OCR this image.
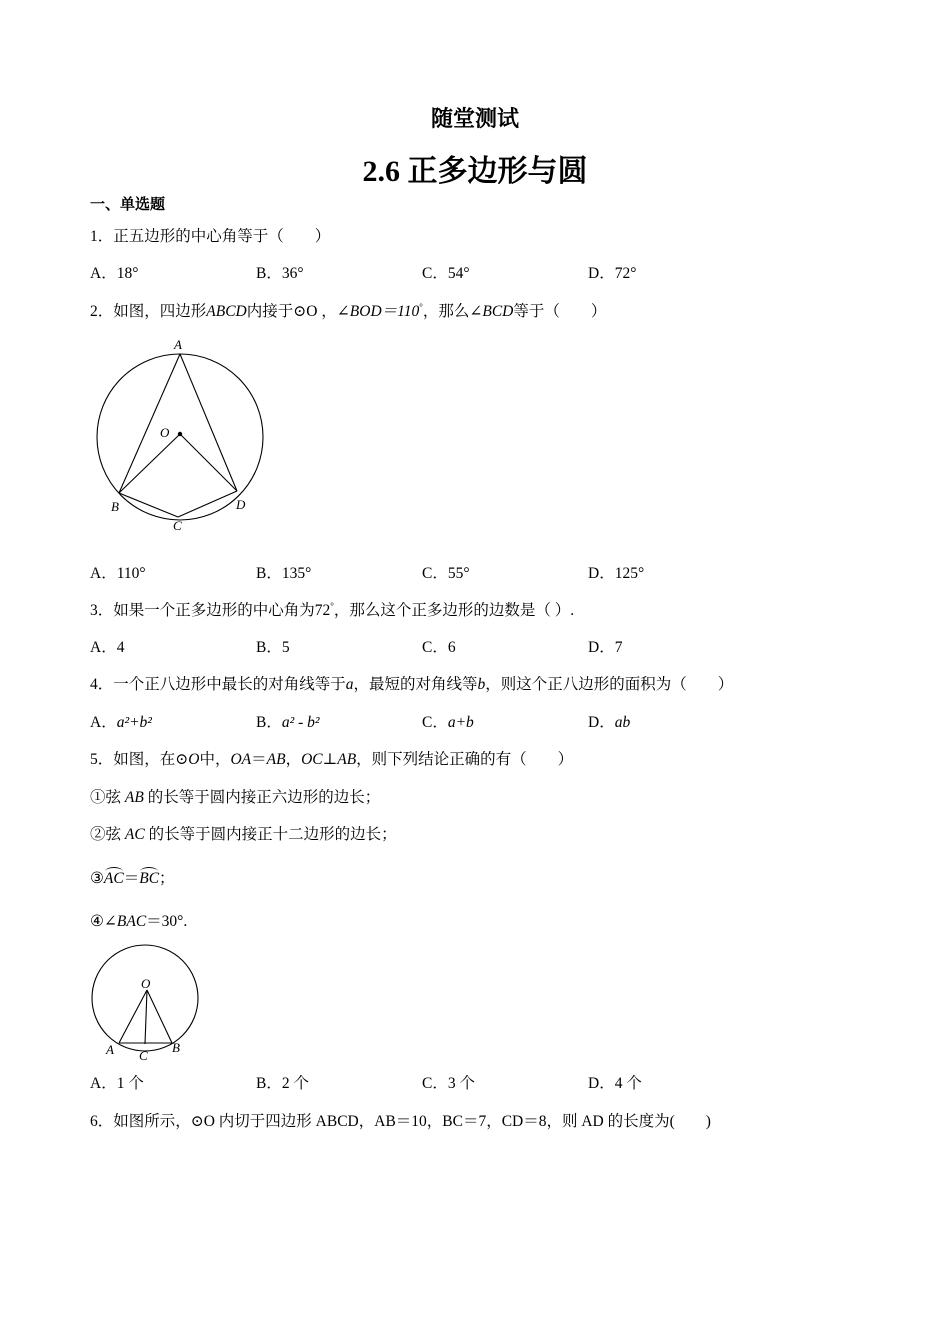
随堂测试
2.6 正多边形与圆
一、单选题
1．正五边形的中心角等于（　　）
A．18°	B．36°	C．54°	D．72°
2．如图，四边形ABCD内接于⊙O ，∠BOD＝110°，那么∠BCD等于（　　）
A
O
B
C
D
A．110°	B．135°	C．55°	D．125°
3．如果一个正多边形的中心角为72°，那么这个正多边形的边数是（ ）.
A．4	B．5	C．6	D．7
4．一个正八边形中最长的对角线等于a，最短的对角线等b，则这个正八边形的面积为（　　）
A．a²+b²	B．a² - b²	C．a+b	D．ab
5．如图，在⊙O中，OA＝AB，OC⊥AB，则下列结论正确的有（　　）
①弦 AB 的长等于圆内接正六边形的边长；
②弦 AC 的长等于圆内接正十二边形的边长；
③AC＝BC；
④∠BAC＝30°.
O
A C
B
A．1 个	B．2 个	C．3 个	D．4 个
6．如图所示，⊙O 内切于四边形 ABCD，AB＝10，BC＝7，CD＝8，则 AD 的长度为(　　)
